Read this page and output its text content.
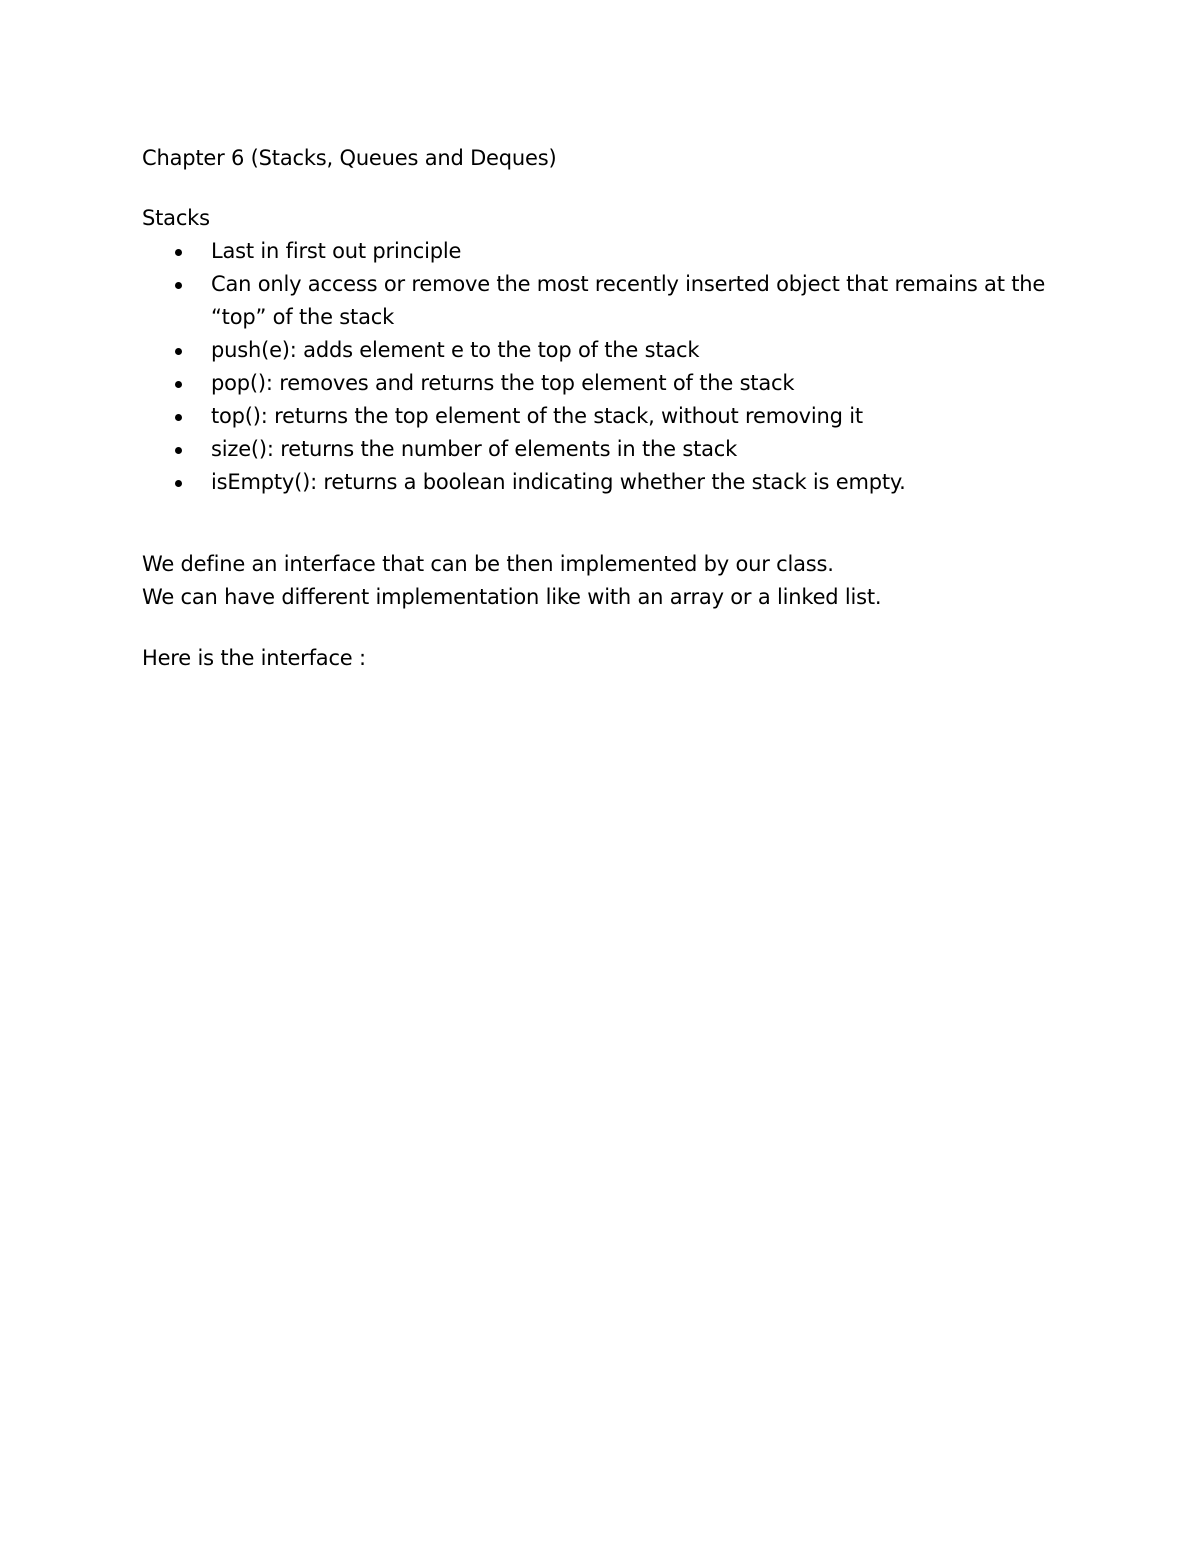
Chapter 6 (Stacks, Queues and Deques)
Stacks
Last in first out principle
Can only access or remove the most recently inserted object that remains at the “top” of the stack
push(e): adds element e to the top of the stack
pop(): removes and returns the top element of the stack
top(): returns the top element of the stack, without removing it
size(): returns the number of elements in the stack
isEmpty(): returns a boolean indicating whether the stack is empty.
We define an interface that can be then implemented by our class.
We can have different implementation like with an array or a linked list.
Here is the interface :
